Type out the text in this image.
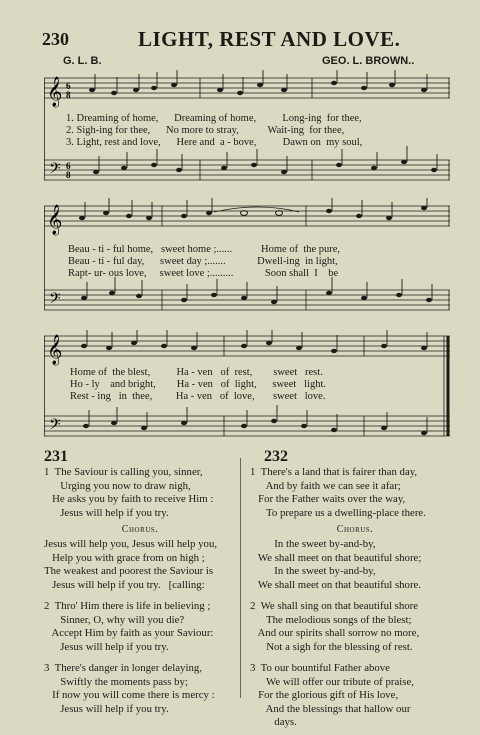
230	LIGHT, REST AND LOVE.
G. L. B.	GEO. L. BROWN..
𝄞 6
8
𝄢 6
8
1. Dreaming of home,      Dreaming of home,          Long-ing  for thee,
2. Sigh-ing for thee,      No more to stray,           Wait-ing  for thee,
3. Light, rest and love,      Here and  a - bove,          Dawn on  my soul,
𝄞
𝄢
Beau - ti - ful home,   sweet home ;......           Home of  the pure,
Beau - ti - ful day,      sweet day ;.......            Dwell-ing  in light,
Rapt- ur- ous love,     sweet love ;.........            Soon shall  I    be
𝄞
𝄢
Home of  the blest,          Ha - ven   of  rest,        sweet   rest.
Ho - ly    and bright,        Ha - ven   of  light,      sweet   light.
Rest - ing   in  thee,         Ha - ven   of  love,       sweet   love.
231	232
1  The Saviour is calling you, sinner,
Urging you now to draw nigh,
He asks you by faith to receive Him :
Jesus will help if you try.
Chorus.
Jesus will help you, Jesus will help you,
Help you with grace from on high ;
The weakest and poorest the Saviour is
Jesus will help if you try.   [calling:
2  Thro' Him there is life in believing ;
Sinner, O, why will you die?
Accept Him by faith as your Saviour:
Jesus will help if you try.
3  There's danger in longer delaying,
Swiftly the moments pass by;
If now you will come there is mercy :
Jesus will help if you try.
1  There's a land that is fairer than day,
And by faith we can see it afar;
For the Father waits over the way,
To prepare us a dwelling-place there.
Chorus.
In the sweet by-and-by,
We shall meet on that beautiful shore;
In the sweet by-and-by,
We shall meet on that beautiful shore.
2  We shall sing on that beautiful shore
The melodious songs of the blest;
And our spirits shall sorrow no more,
Not a sigh for the blessing of rest.
3  To our bountiful Father above
We will offer our tribute of praise,
For the glorious gift of His love,
And the blessings that hallow our
days.
